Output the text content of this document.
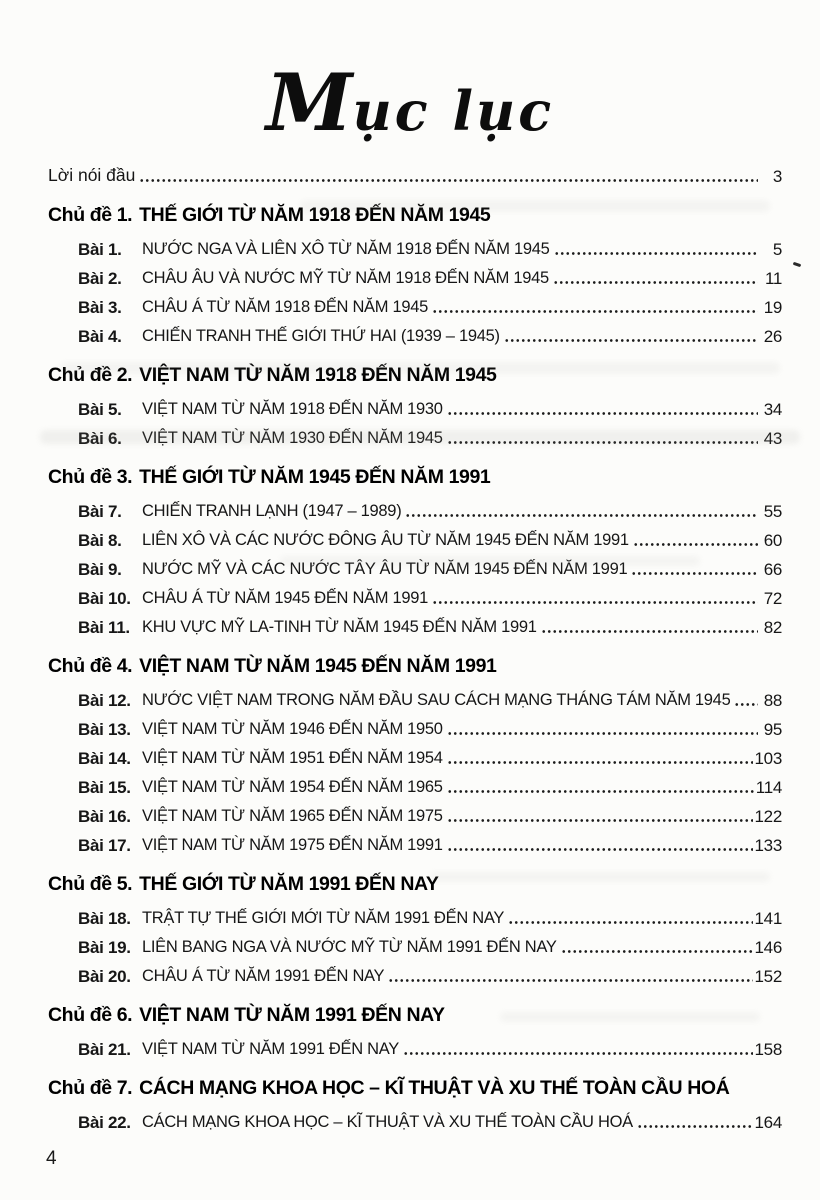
Mục lục
Lời nói đầu	3
Chủ đề 1. THẾ GIỚI TỪ NĂM 1918 ĐẾN NĂM 1945
Bài 1.	NƯỚC NGA VÀ LIÊN XÔ TỪ NĂM 1918 ĐẾN NĂM 1945	5
Bài 2.	CHÂU ÂU VÀ NƯỚC MỸ TỪ NĂM 1918 ĐẾN NĂM 1945	11
Bài 3.	CHÂU Á TỪ NĂM 1918 ĐẾN NĂM 1945	19
Bài 4.	CHIẾN TRANH THẾ GIỚI THỨ HAI (1939 – 1945)	26
Chủ đề 2. VIỆT NAM TỪ NĂM 1918 ĐẾN NĂM 1945
Bài 5.	VIỆT NAM TỪ NĂM 1918 ĐẾN NĂM 1930	34
Bài 6.	VIỆT NAM TỪ NĂM 1930 ĐẾN NĂM 1945	43
Chủ đề 3. THẾ GIỚI TỪ NĂM 1945 ĐẾN NĂM 1991
Bài 7.	CHIẾN TRANH LẠNH (1947 – 1989)	55
Bài 8.	LIÊN XÔ VÀ CÁC NƯỚC ĐÔNG ÂU TỪ NĂM 1945 ĐẾN NĂM 1991	60
Bài 9.	NƯỚC MỸ VÀ CÁC NƯỚC TÂY ÂU TỪ NĂM 1945 ĐẾN NĂM 1991	66
Bài 10. CHÂU Á TỪ NĂM 1945 ĐẾN NĂM 1991	72
Bài 11. KHU VỰC MỸ LA-TINH TỪ NĂM 1945 ĐẾN NĂM 1991	82
Chủ đề 4. VIỆT NAM TỪ NĂM 1945 ĐẾN NĂM 1991
Bài 12. NƯỚC VIỆT NAM TRONG NĂM ĐẦU SAU CÁCH MẠNG THÁNG TÁM NĂM 1945 88
Bài 13. VIỆT NAM TỪ NĂM 1946 ĐẾN NĂM 1950	95
Bài 14. VIỆT NAM TỪ NĂM 1951 ĐẾN NĂM 1954	103
Bài 15. VIỆT NAM TỪ NĂM 1954 ĐẾN NĂM 1965	114
Bài 16. VIỆT NAM TỪ NĂM 1965 ĐẾN NĂM 1975	122
Bài 17. VIỆT NAM TỪ NĂM 1975 ĐẾN NĂM 1991	133
Chủ đề 5. THẾ GIỚI TỪ NĂM 1991 ĐẾN NAY
Bài 18. TRẬT TỰ THẾ GIỚI MỚI TỪ NĂM 1991 ĐẾN NAY	141
Bài 19. LIÊN BANG NGA VÀ NƯỚC MỸ TỪ NĂM 1991 ĐẾN NAY	146
Bài 20. CHÂU Á TỪ NĂM 1991 ĐẾN NAY	152
Chủ đề 6. VIỆT NAM TỪ NĂM 1991 ĐẾN NAY
Bài 21. VIỆT NAM TỪ NĂM 1991 ĐẾN NAY	158
Chủ đề 7. CÁCH MẠNG KHOA HỌC – KĨ THUẬT VÀ XU THẾ TOÀN CẦU HOÁ
Bài 22. CÁCH MẠNG KHOA HỌC – KĨ THUẬT VÀ XU THẾ TOÀN CẦU HOÁ	164
4
